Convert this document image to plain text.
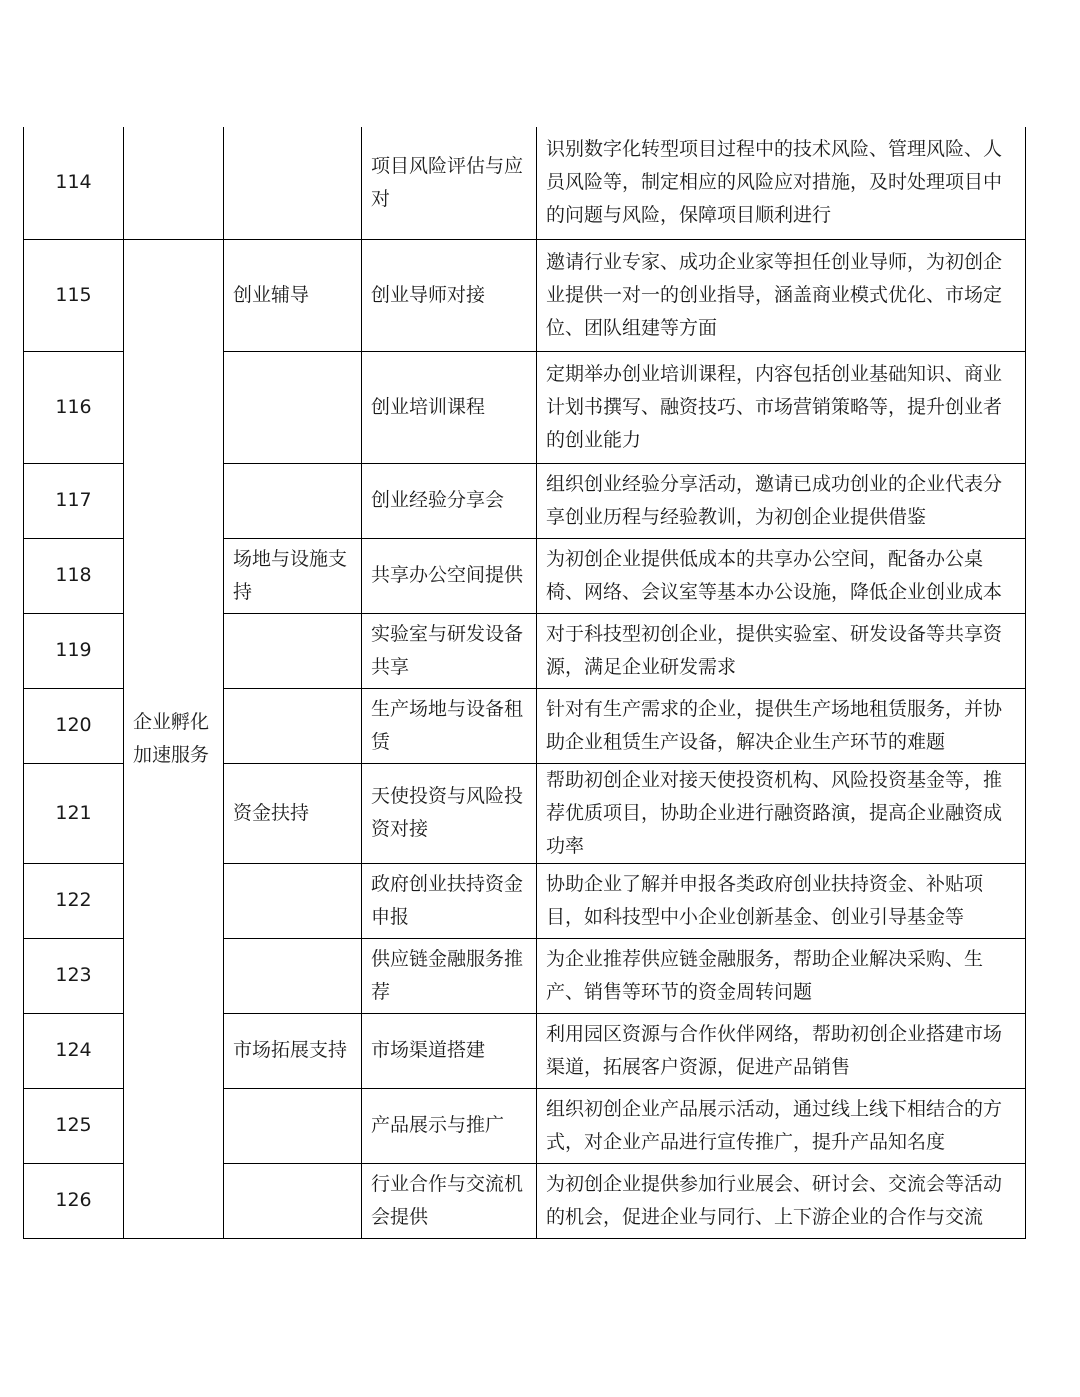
114			项目风险评估与应对	识别数字化转型项目过程中的技术风险、管理风险、人员风险等，制定相应的风险应对措施，及时处理项目中的问题与风险，保障项目顺利进行
115	企业孵化加速服务	创业辅导	创业导师对接	邀请行业专家、成功企业家等担任创业导师，为初创企业提供一对一的创业指导，涵盖商业模式优化、市场定位、团队组建等方面
116			创业培训课程	定期举办创业培训课程，内容包括创业基础知识、商业计划书撰写、融资技巧、市场营销策略等，提升创业者的创业能力
117			创业经验分享会	组织创业经验分享活动，邀请已成功创业的企业代表分享创业历程与经验教训，为初创企业提供借鉴
118		场地与设施支持	共享办公空间提供	为初创企业提供低成本的共享办公空间，配备办公桌椅、网络、会议室等基本办公设施，降低企业创业成本
119			实验室与研发设备共享	对于科技型初创企业，提供实验室、研发设备等共享资源，满足企业研发需求
120			生产场地与设备租赁	针对有生产需求的企业，提供生产场地租赁服务，并协助企业租赁生产设备，解决企业生产环节的难题
121		资金扶持	天使投资与风险投资对接	帮助初创企业对接天使投资机构、风险投资基金等，推荐优质项目，协助企业进行融资路演，提高企业融资成功率
122			政府创业扶持资金申报	协助企业了解并申报各类政府创业扶持资金、补贴项目，如科技型中小企业创新基金、创业引导基金等
123			供应链金融服务推荐	为企业推荐供应链金融服务，帮助企业解决采购、生产、销售等环节的资金周转问题
124		市场拓展支持	市场渠道搭建	利用园区资源与合作伙伴网络，帮助初创企业搭建市场渠道，拓展客户资源，促进产品销售
125			产品展示与推广	组织初创企业产品展示活动，通过线上线下相结合的方式，对企业产品进行宣传推广，提升产品知名度
126			行业合作与交流机会提供	为初创企业提供参加行业展会、研讨会、交流会等活动的机会，促进企业与同行、上下游企业的合作与交流
